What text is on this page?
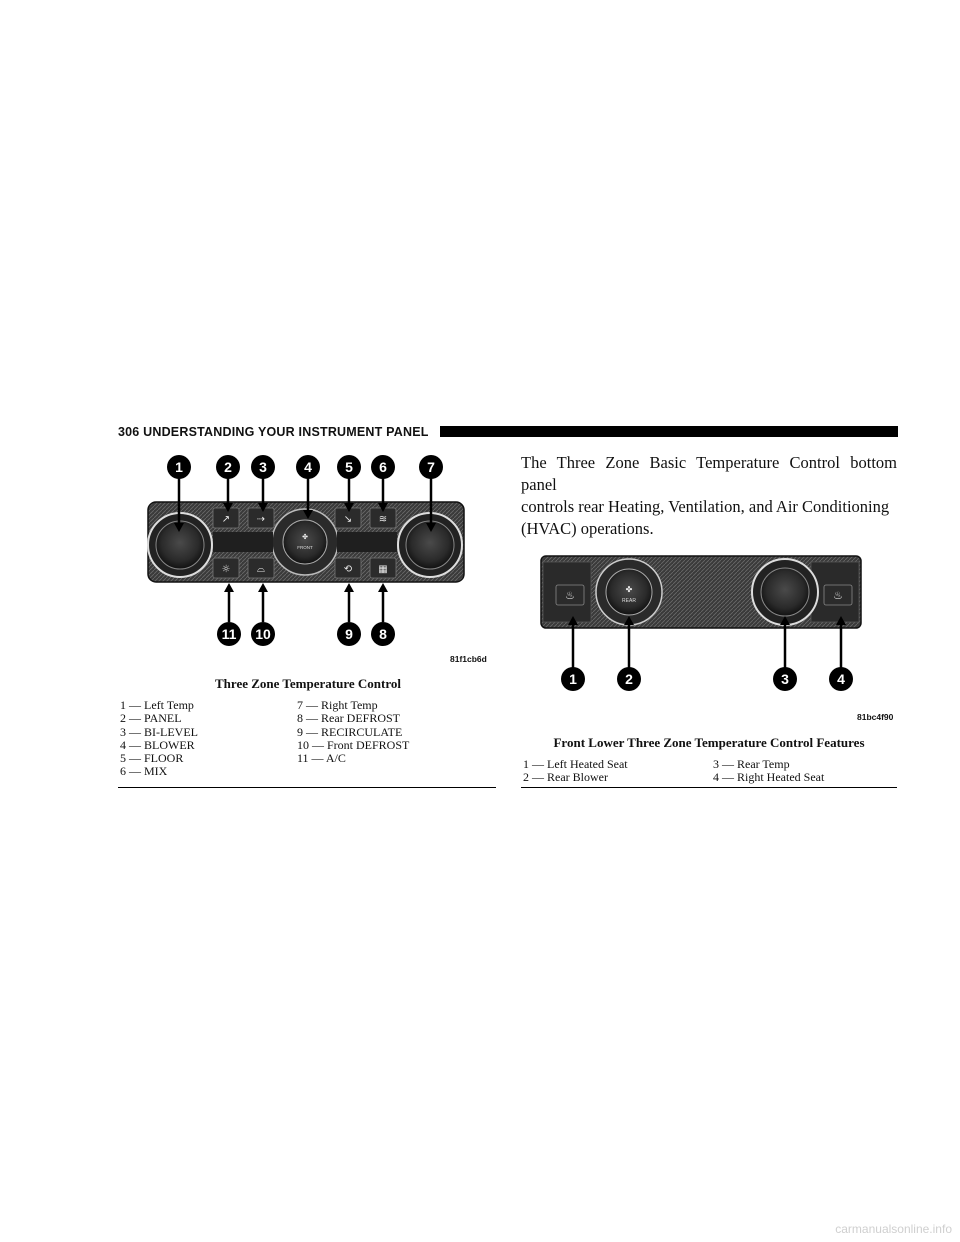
306 UNDERSTANDING YOUR INSTRUMENT PANEL
✤
FRONT
↗	⇢	↘	≋
☼	⌓	⟲	▦
1	2 3	4 5 6	7
11 10	9 8
81f1cb6d
Three Zone Temperature Control
1 — Left Temp
2 — PANEL
3 — BI-LEVEL
4 — BLOWER
5 — FLOOR
6 — MIX
7 — Right Temp
8 — Rear DEFROST
9 — RECIRCULATE
10 — Front DEFROST
11 — A/C
The Three Zone Basic Temperature Control bottom panel
controls rear Heating, Ventilation, and Air Conditioning
(HVAC) operations.
♨	♨
✤
REAR
1	2	3	4
81bc4f90
Front Lower Three Zone Temperature Control Features
1 — Left Heated Seat
2 — Rear Blower
3 — Rear Temp
4 — Right Heated Seat
carmanualsonline.info
